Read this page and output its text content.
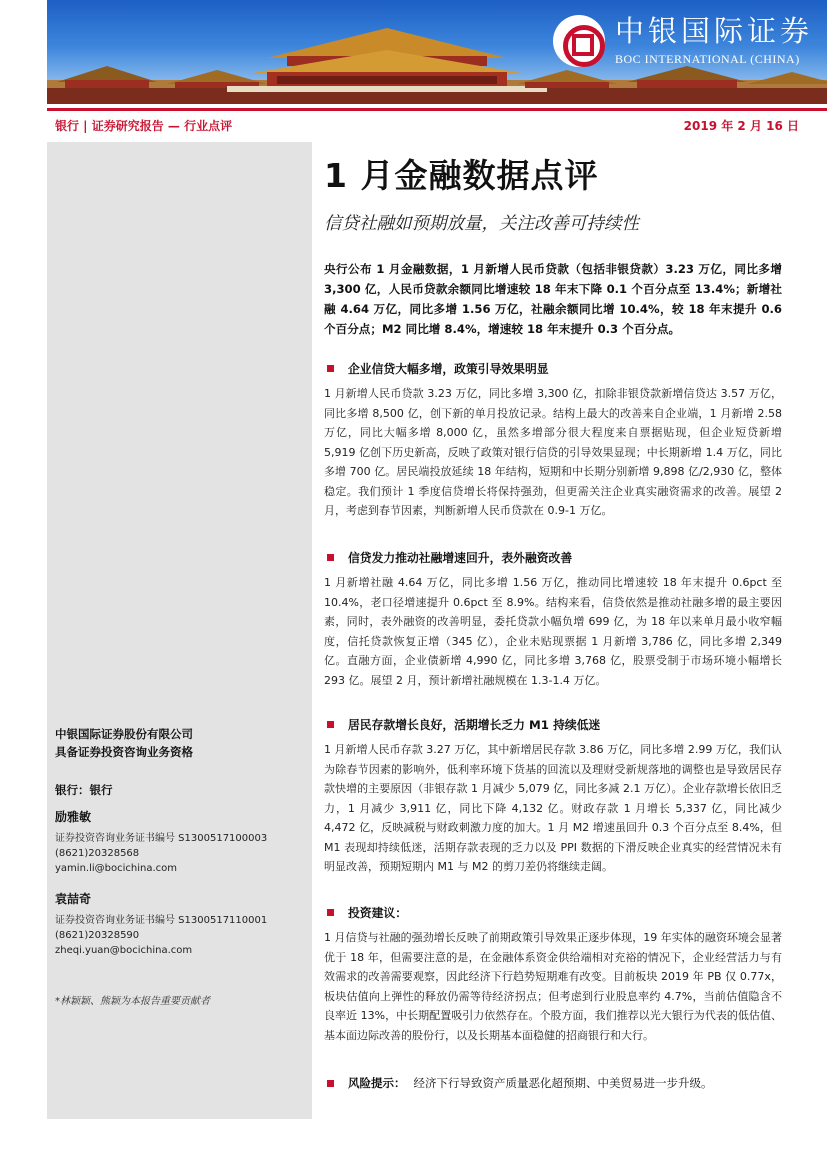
中银国际证券
BOC INTERNATIONAL (CHINA)
银行 | 证券研究报告 — 行业点评	2019 年 2 月 16 日
中银国际证券股份有限公司
具备证券投资咨询业务资格
银行：银行
励雅敏
证券投资咨询业务证书编号 S1300517100003
(8621)20328568
yamin.li@bocichina.com
袁喆奇
证券投资咨询业务证书编号 S1300517110001
(8621)20328590
zheqi.yuan@bocichina.com
*林颖颖、熊颖为本报告重要贡献者
1 月金融数据点评
信贷社融如预期放量，关注改善可持续性
央行公布 1 月金融数据，1 月新增人民币贷款（包括非银贷款）3.23 万亿，同比多增 3,300 亿，人民币贷款余额同比增速较 18 年末下降 0.1 个百分点至 13.4%；新增社融 4.64 万亿，同比多增 1.56 万亿，社融余额同比增 10.4%，较 18 年末提升 0.6 个百分点；M2 同比增 8.4%，增速较 18 年末提升 0.3 个百分点。
企业信贷大幅多增，政策引导效果明显
1 月新增人民币贷款 3.23 万亿，同比多增 3,300 亿，扣除非银贷款新增信贷达 3.57 万亿，同比多增 8,500 亿，创下新的单月投放记录。结构上最大的改善来自企业端，1 月新增 2.58 万亿，同比大幅多增 8,000 亿，虽然多增部分很大程度来自票据贴现，但企业短贷新增 5,919 亿创下历史新高，反映了政策对银行信贷的引导效果显现；中长期新增 1.4 万亿，同比多增 700 亿。居民端投放延续 18 年结构，短期和中长期分别新增 9,898 亿/2,930 亿，整体稳定。我们预计 1 季度信贷增长将保持强劲，但更需关注企业真实融资需求的改善。展望 2 月，考虑到春节因素，判断新增人民币贷款在 0.9-1 万亿。
信贷发力推动社融增速回升，表外融资改善
1 月新增社融 4.64 万亿，同比多增 1.56 万亿，推动同比增速较 18 年末提升 0.6pct 至 10.4%，老口径增速提升 0.6pct 至 8.9%。结构来看，信贷依然是推动社融多增的最主要因素，同时，表外融资的改善明显，委托贷款小幅负增 699 亿，为 18 年以来单月最小收窄幅度，信托贷款恢复正增（345 亿），企业未贴现票据 1 月新增 3,786 亿，同比多增 2,349 亿。直融方面，企业债新增 4,990 亿，同比多增 3,768 亿，股票受制于市场环境小幅增长 293 亿。展望 2 月，预计新增社融规模在 1.3-1.4 万亿。
居民存款增长良好，活期增长乏力 M1 持续低迷
1 月新增人民币存款 3.27 万亿，其中新增居民存款 3.86 万亿，同比多增 2.99 万亿，我们认为除春节因素的影响外，低利率环境下货基的回流以及理财受新规落地的调整也是导致居民存款快增的主要原因（非银存款 1 月减少 5,079 亿，同比多减 2.1 万亿）。企业存款增长依旧乏力，1 月减少 3,911 亿，同比下降 4,132 亿。财政存款 1 月增长 5,337 亿，同比减少 4,472 亿，反映减税与财政刺激力度的加大。1 月 M2 增速虽回升 0.3 个百分点至 8.4%，但 M1 表现却持续低迷，活期存款表现的乏力以及 PPI 数据的下滑反映企业真实的经营情况未有明显改善，预期短期内 M1 与 M2 的剪刀差仍将继续走阔。
投资建议：
1 月信贷与社融的强劲增长反映了前期政策引导效果正逐步体现，19 年实体的融资环境会显著优于 18 年，但需要注意的是，在金融体系资金供给端相对充裕的情况下，企业经营活力与有效需求的改善需要观察，因此经济下行趋势短期难有改变。目前板块 2019 年 PB 仅 0.77x，板块估值向上弹性的释放仍需等待经济拐点；但考虑到行业股息率约 4.7%，当前估值隐含不良率近 13%，中长期配置吸引力依然存在。个股方面，我们推荐以光大银行为代表的低估值、基本面边际改善的股份行，以及长期基本面稳健的招商银行和大行。
风险提示： 经济下行导致资产质量恶化超预期、中美贸易进一步升级。
